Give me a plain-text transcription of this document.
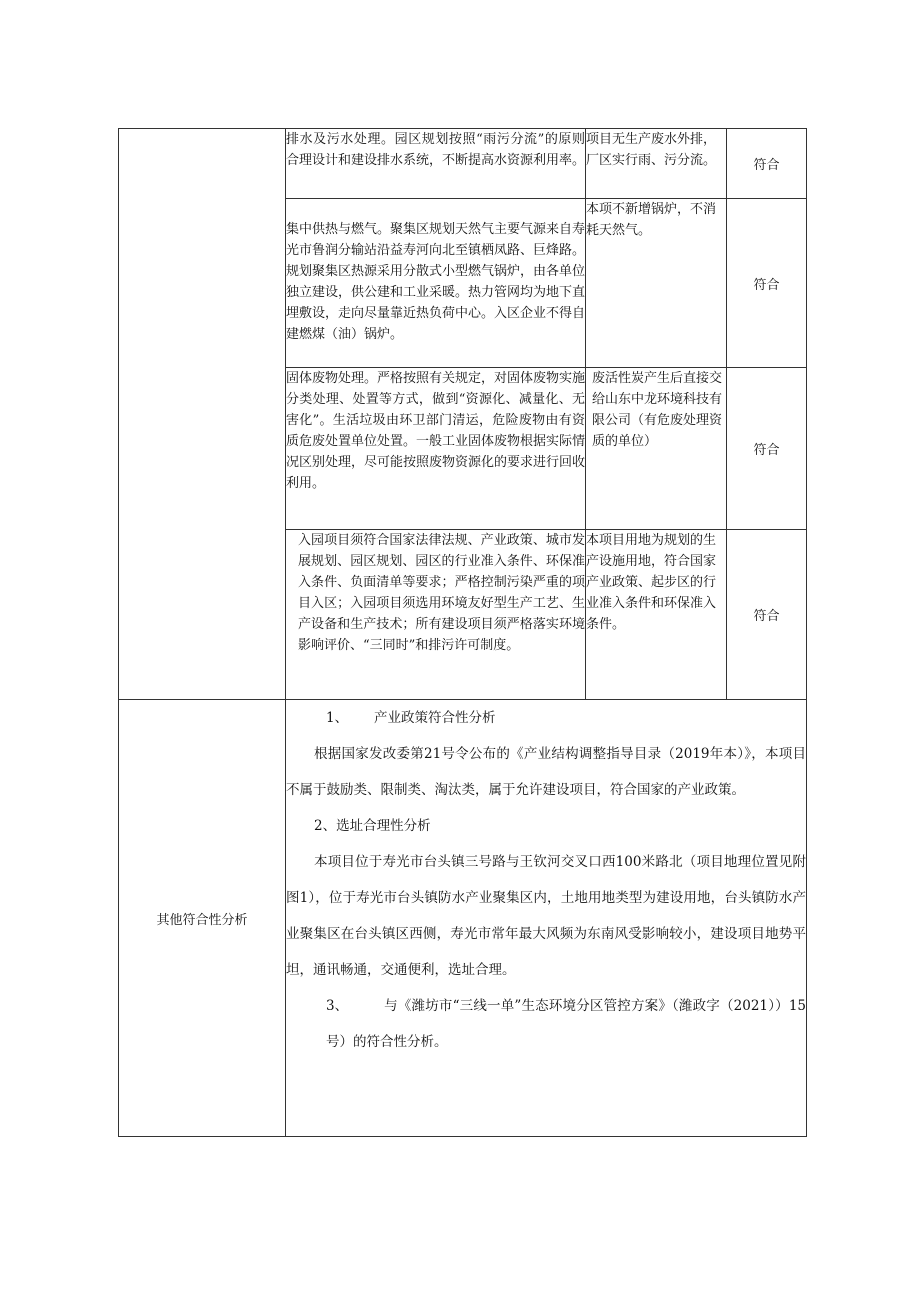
	排水及污水处理。园区规划按照“雨污分流”的原则合理设计和建设排水系统，不断提高水资源利用率。	项目无生产废水外排，厂区实行雨、污分流。	符合
	集中供热与燃气。聚集区规划天然气主要气源来自寿光市鲁润分输站沿益寿河向北至镇栖凤路、巨烽路。规划聚集区热源采用分散式小型燃气锅炉，由各单位独立建设，供公建和工业采暖。热力管网均为地下直埋敷设，走向尽量靠近热负荷中心。入区企业不得自建燃煤（油）锅炉。	本项不新增锅炉，不消耗天然气。	符合
	固体废物处理。严格按照有关规定，对固体废物实施分类处理、处置等方式，做到“资源化、减量化、无害化”。生活垃圾由环卫部门清运，危险废物由有资质危废处置单位处置。一般工业固体废物根据实际情况区别处理，尽可能按照废物资源化的要求进行回收利用。	废活性炭产生后直接交给山东中龙环境科技有限公司（有危废处理资质的单位）	符合
	入园项目须符合国家法律法规、产业政策、城市发展规划、园区规划、园区的行业准入条件、环保准入条件、负面清单等要求；严格控制污染严重的项目入区；入园项目须选用环境友好型生产工艺、生产设备和生产技术；所有建设项目须严格落实环境影响评价、“三同时”和排污许可制度。	本项目用地为规划的生产设施用地，符合国家产业政策、起步区的行业准入条件和环保准入条件。	符合
其他符合性分析	1、 产业政策符合性分析

根据国家发改委第21号令公布的《产业结构调整指导目录（2019年本）》，本项目不属于鼓励类、限制类、淘汰类，属于允许建设项目，符合国家的产业政策。

2、选址合理性分析

本项目位于寿光市台头镇三号路与王钦河交叉口西100米路北（项目地理位置见附图1），位于寿光市台头镇防水产业聚集区内，土地用地类型为建设用地，台头镇防水产业聚集区在台头镇区西侧，寿光市常年最大风频为东南风受影响较小，建设项目地势平坦，通讯畅通，交通便利，选址合理。

3、 与《潍坊市“三线一单”生态环境分区管控方案》（潍政字（2021））15号）的符合性分析。		
